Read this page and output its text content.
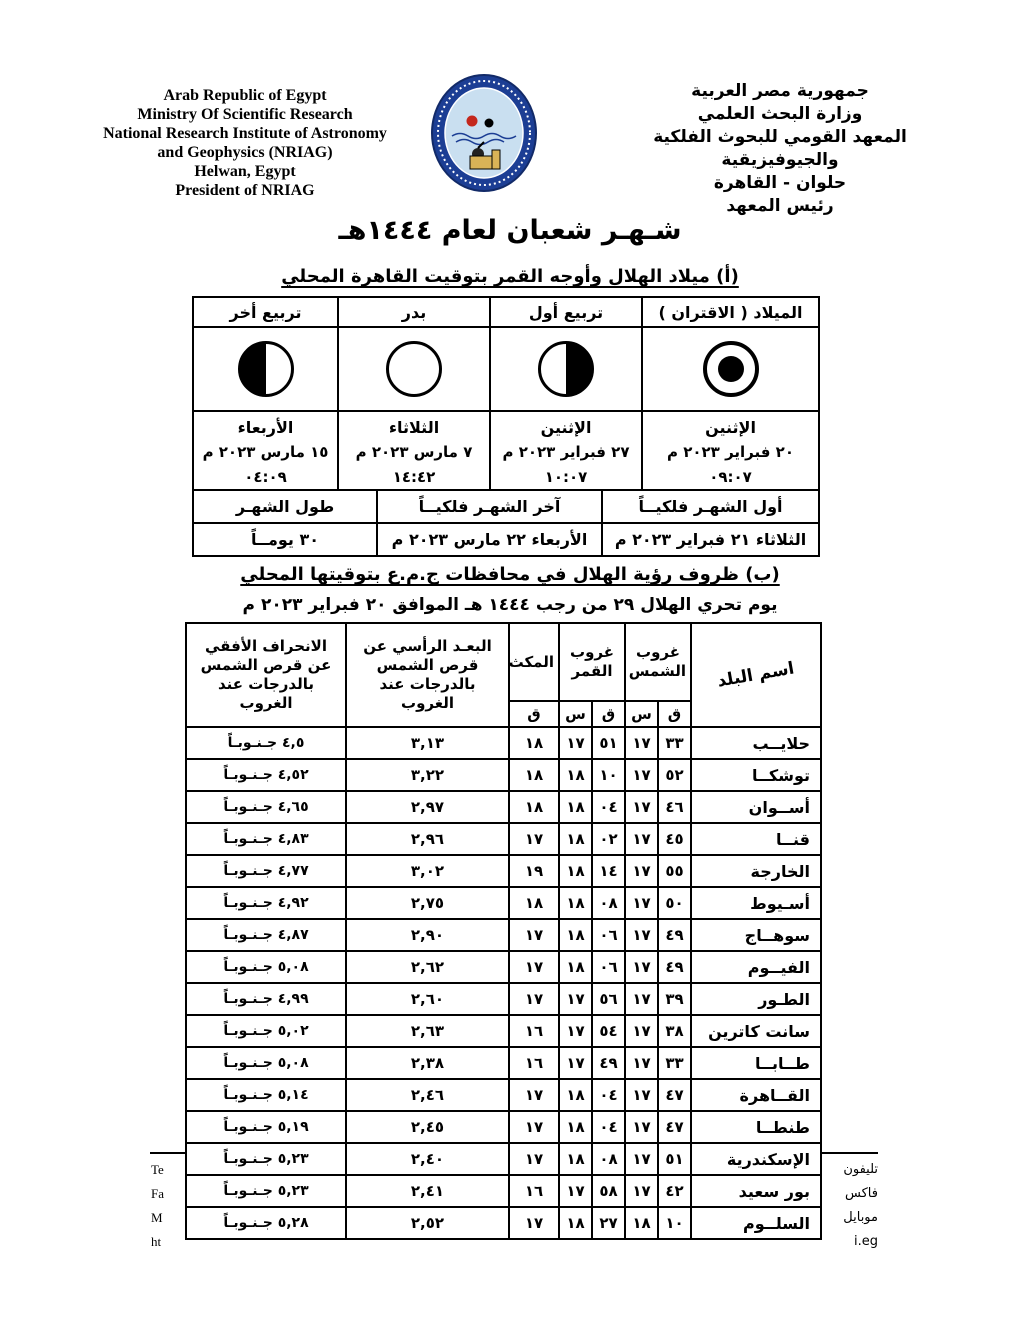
Arab Republic of Egypt
Ministry Of Scientific Research
National Research Institute of Astronomy
and Geophysics (NRIAG)
Helwan, Egypt
President of NRIAG
جمهورية مصر العربية
وزارة البحث العلمي
المعهد القومي للبحوث الفلكية والجيوفيزيقية
حلوان - القاهرة
رئيس المعهد
شـهـر شعبان لعام ١٤٤٤هـ
(أ) ميلاد الهلال وأوجه القمر بتوقيت القاهرة المحلي
الميلاد ( الاقتران )	تربيع أول	بدر	تربيع أخر

الإثنين
٢٠ فبراير ٢٠٢٣ م
٠٩:٠٧

الإثنين
٢٧ فبراير ٢٠٢٣ م
١٠:٠٧

الثلاثاء
٧ مارس ٢٠٢٣ م
١٤:٤٢

الأربعاء
١٥ مارس ٢٠٢٣ م
٠٤:٠٩
أول الشهـر فلكيــاً	آخر الشهـر فلكيــاً	طول الشهـر
الثلاثاء ٢١ فبراير ٢٠٢٣ م	الأربعاء ٢٢ مارس ٢٠٢٣ م	٣٠ يومــاً
(ب) ظروف رؤية الهلال في محافظات ج.م.ع بتوقيتها المحلي
يوم تحري الهلال ٢٩ من رجب ١٤٤٤ هـ الموافق ٢٠ فبراير ٢٠٢٣ م
اسم البلد	غروب الشمس		غروب القمر		المكث	البعـد الرأسي عن قرص الشمس بالدرجات عند الغروب	الانحراف الأفقي عن قرص الشمس بالدرجات عند الغروب
	ق	س	ق	س	ق		
حلايــب	٣٣	١٧	٥١	١٧	١٨	٣,١٣	٤,٥ جـنـوبـاً
توشكــا	٥٢	١٧	١٠	١٨	١٨	٣,٢٢	٤,٥٢ جـنـوبـاً
أســوان	٤٦	١٧	٠٤	١٨	١٨	٢,٩٧	٤,٦٥ جـنـوبـاً
قنــا	٤٥	١٧	٠٢	١٨	١٧	٢,٩٦	٤,٨٣ جـنـوبـاً
الخارجة	٥٥	١٧	١٤	١٨	١٩	٣,٠٢	٤,٧٧ جـنـوبـاً
أسـيوط	٥٠	١٧	٠٨	١٨	١٨	٢,٧٥	٤,٩٢ جـنـوبـاً
سوهــاج	٤٩	١٧	٠٦	١٨	١٧	٢,٩٠	٤,٨٧ جـنـوبـاً
الفيــوم	٤٩	١٧	٠٦	١٨	١٧	٢,٦٢	٥,٠٨ جـنـوبـاً
الطـور	٣٩	١٧	٥٦	١٧	١٧	٢,٦٠	٤,٩٩ جـنـوبـاً
سانت كاترين	٣٨	١٧	٥٤	١٧	١٦	٢,٦٣	٥,٠٢ جـنـوبـاً
طــابــا	٣٣	١٧	٤٩	١٧	١٦	٢,٣٨	٥,٠٨ جـنـوبـاً
القــاهرة	٤٧	١٧	٠٤	١٨	١٧	٢,٤٦	٥,١٤ جـنـوبـاً
طنطــا	٤٧	١٧	٠٤	١٨	١٧	٢,٤٥	٥,١٩ جـنـوبـاً
الإسكندرية	٥١	١٧	٠٨	١٨	١٧	٢,٤٠	٥,٢٣ جـنـوبـاً
بور سعيد	٤٢	١٧	٥٨	١٧	١٦	٢,٤١	٥,٢٣ جـنـوبـاً
السلــوم	١٠	١٨	٢٧	١٨	١٧	٢,٥٢	٥,٢٨ جـنـوبـاً
Te
Fa
M
ht
تليفون
فاكس
موبايل
i.eg
